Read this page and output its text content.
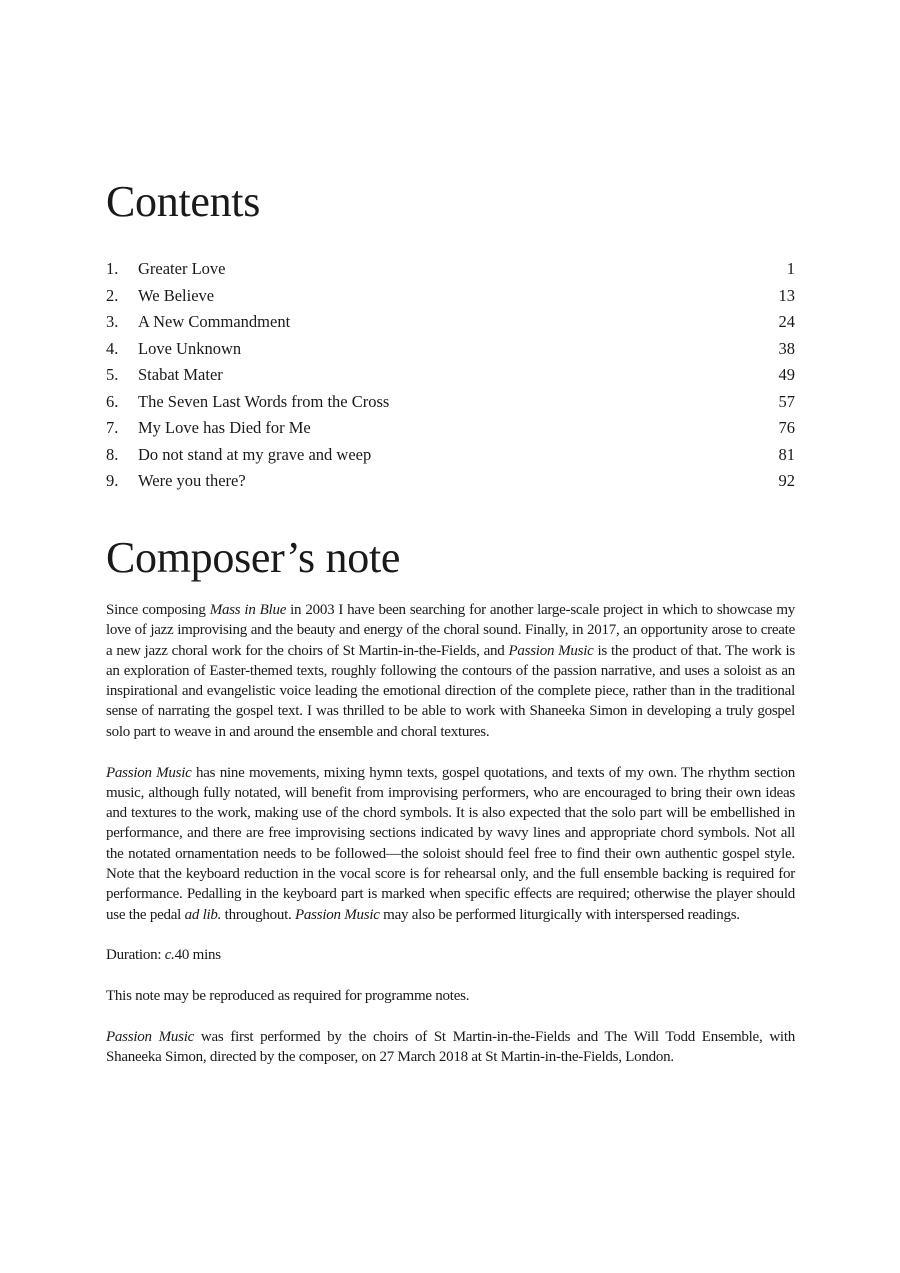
Contents
1.	Greater Love	1
2.	We Believe	13
3.	A New Commandment	24
4.	Love Unknown	38
5.	Stabat Mater	49
6.	The Seven Last Words from the Cross	57
7.	My Love has Died for Me	76
8.	Do not stand at my grave and weep	81
9.	Were you there?	92
Composer’s note

Since composing Mass in Blue in 2003 I have been searching for another large-scale project in which to showcase my love of jazz improvising and the beauty and energy of the choral sound. Finally, in 2017, an opportunity arose to create a new jazz choral work for the choirs of St Martin-in-the-Fields, and Passion Music is the product of that. The work is an exploration of Easter-themed texts, roughly following the contours of the passion narrative, and uses a soloist as an inspirational and evangelistic voice leading the emotional direction of the complete piece, rather than in the traditional sense of narrating the gospel text. I was thrilled to be able to work with Shaneeka Simon in developing a truly gospel solo part to weave in and around the ensemble and choral textures.

Passion Music has nine movements, mixing hymn texts, gospel quotations, and texts of my own. The rhythm section music, although fully notated, will benefit from improvising performers, who are encouraged to bring their own ideas and textures to the work, making use of the chord symbols. It is also expected that the solo part will be embellished in performance, and there are free improvising sections indicated by wavy lines and appropriate chord symbols. Not all the notated ornamentation needs to be followed—the soloist should feel free to find their own authentic gospel style. Note that the keyboard reduction in the vocal score is for rehearsal only, and the full ensemble backing is required for performance. Pedalling in the keyboard part is marked when specific effects are required; otherwise the player should use the pedal ad lib. throughout. Passion Music may also be performed liturgically with interspersed readings.

Duration: c.40 mins

This note may be reproduced as required for programme notes.

Passion Music was first performed by the choirs of St Martin-in-the-Fields and The Will Todd Ensemble, with Shaneeka Simon, directed by the composer, on 27 March 2018 at St Martin-in-the-Fields, London.
